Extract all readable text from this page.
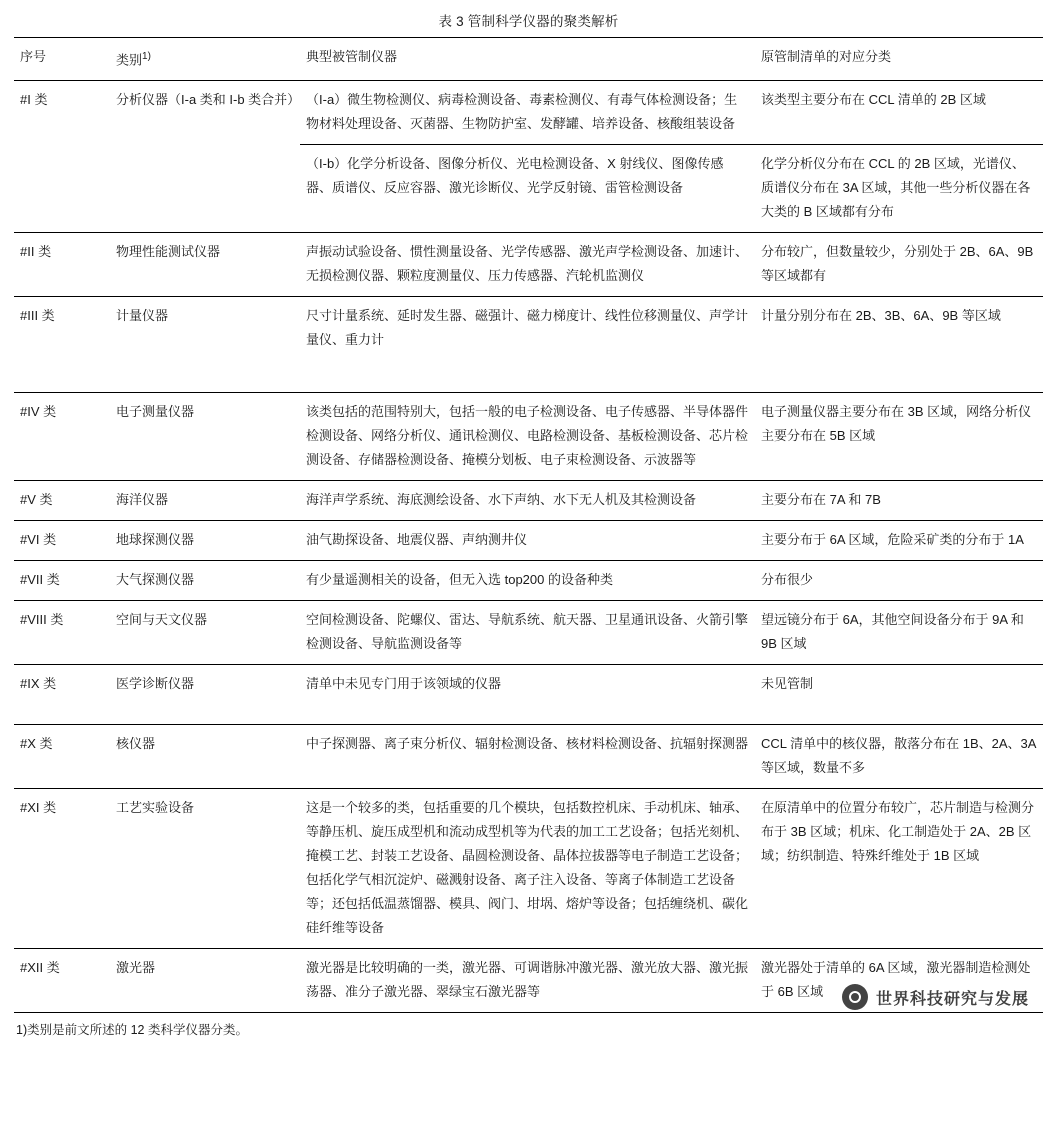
表 3 管制科学仪器的聚类解析
序号	类别$^{1)}$	典型被管制仪器	原管制清单的对应分类
#I 类	分析仪器（I-a 类和 I-b 类合并）	（I-a）微生物检测仪、病毒检测设备、毒素检测仪、有毒气体检测设备；生物材料处理设备、灭菌器、生物防护室、发酵罐、培养设备、核酸组装设备	该类型主要分布在 CCL 清单的 2B 区域
		（I-b）化学分析设备、图像分析仪、光电检测设备、X 射线仪、图像传感器、质谱仪、反应容器、激光诊断仪、光学反射镜、雷管检测设备	化学分析仪分布在 CCL 的 2B 区域，光谱仪、质谱仪分布在 3A 区域，其他一些分析仪器在各大类的 B 区域都有分布
#II 类	物理性能测试仪器	声振动试验设备、惯性测量设备、光学传感器、激光声学检测设备、加速计、无损检测仪器、颗粒度测量仪、压力传感器、汽轮机监测仪	分布较广，但数量较少，分别处于 2B、6A、9B 等区域都有
#III 类	计量仪器	尺寸计量系统、延时发生器、磁强计、磁力梯度计、线性位移测量仪、声学计量仪、重力计	计量分别分布在 2B、3B、6A、9B 等区域
#IV 类	电子测量仪器	该类包括的范围特别大，包括一般的电子检测设备、电子传感器、半导体器件检测设备、网络分析仪、通讯检测仪、电路检测设备、基板检测设备、芯片检测设备、存储器检测设备、掩模分划板、电子束检测设备、示波器等	电子测量仪器主要分布在 3B 区域，网络分析仪主要分布在 5B 区域
#V 类	海洋仪器	海洋声学系统、海底测绘设备、水下声纳、水下无人机及其检测设备	主要分布在 7A 和 7B
#VI 类	地球探测仪器	油气勘探设备、地震仪器、声纳测井仪	主要分布于 6A 区域，危险采矿类的分布于 1A
#VII 类	大气探测仪器	有少量遥测相关的设备，但无入选 top200 的设备种类	分布很少
#VIII 类	空间与天文仪器	空间检测设备、陀螺仪、雷达、导航系统、航天器、卫星通讯设备、火箭引擎检测设备、导航监测设备等	望远镜分布于 6A，其他空间设备分布于 9A 和 9B 区域
#IX 类	医学诊断仪器	清单中未见专门用于该领域的仪器	未见管制
#X 类	核仪器	中子探测器、离子束分析仪、辐射检测设备、核材料检测设备、抗辐射探测器	CCL 清单中的核仪器，散落分布在 1B、2A、3A 等区域，数量不多
#XI 类	工艺实验设备	这是一个较多的类，包括重要的几个模块，包括数控机床、手动机床、轴承、等静压机、旋压成型机和流动成型机等为代表的加工工艺设备；包括光刻机、掩模工艺、封装工艺设备、晶圆检测设备、晶体拉拔器等电子制造工艺设备；包括化学气相沉淀炉、磁溅射设备、离子注入设备、等离子体制造工艺设备等；还包括低温蒸馏器、模具、阀门、坩埚、熔炉等设备；包括缠绕机、碳化硅纤维等设备	在原清单中的位置分布较广，芯片制造与检测分布于 3B 区域；机床、化工制造处于 2A、2B 区域；纺织制造、特殊纤维处于 1B 区域
#XII 类	激光器	激光器是比较明确的一类，激光器、可调谐脉冲激光器、激光放大器、激光振荡器、准分子激光器、翠绿宝石激光器等	激光器处于清单的 6A 区域，激光器制造检测处于 6B 区域
1)类别是前文所述的 12 类科学仪器分类。
世界科技研究与发展
